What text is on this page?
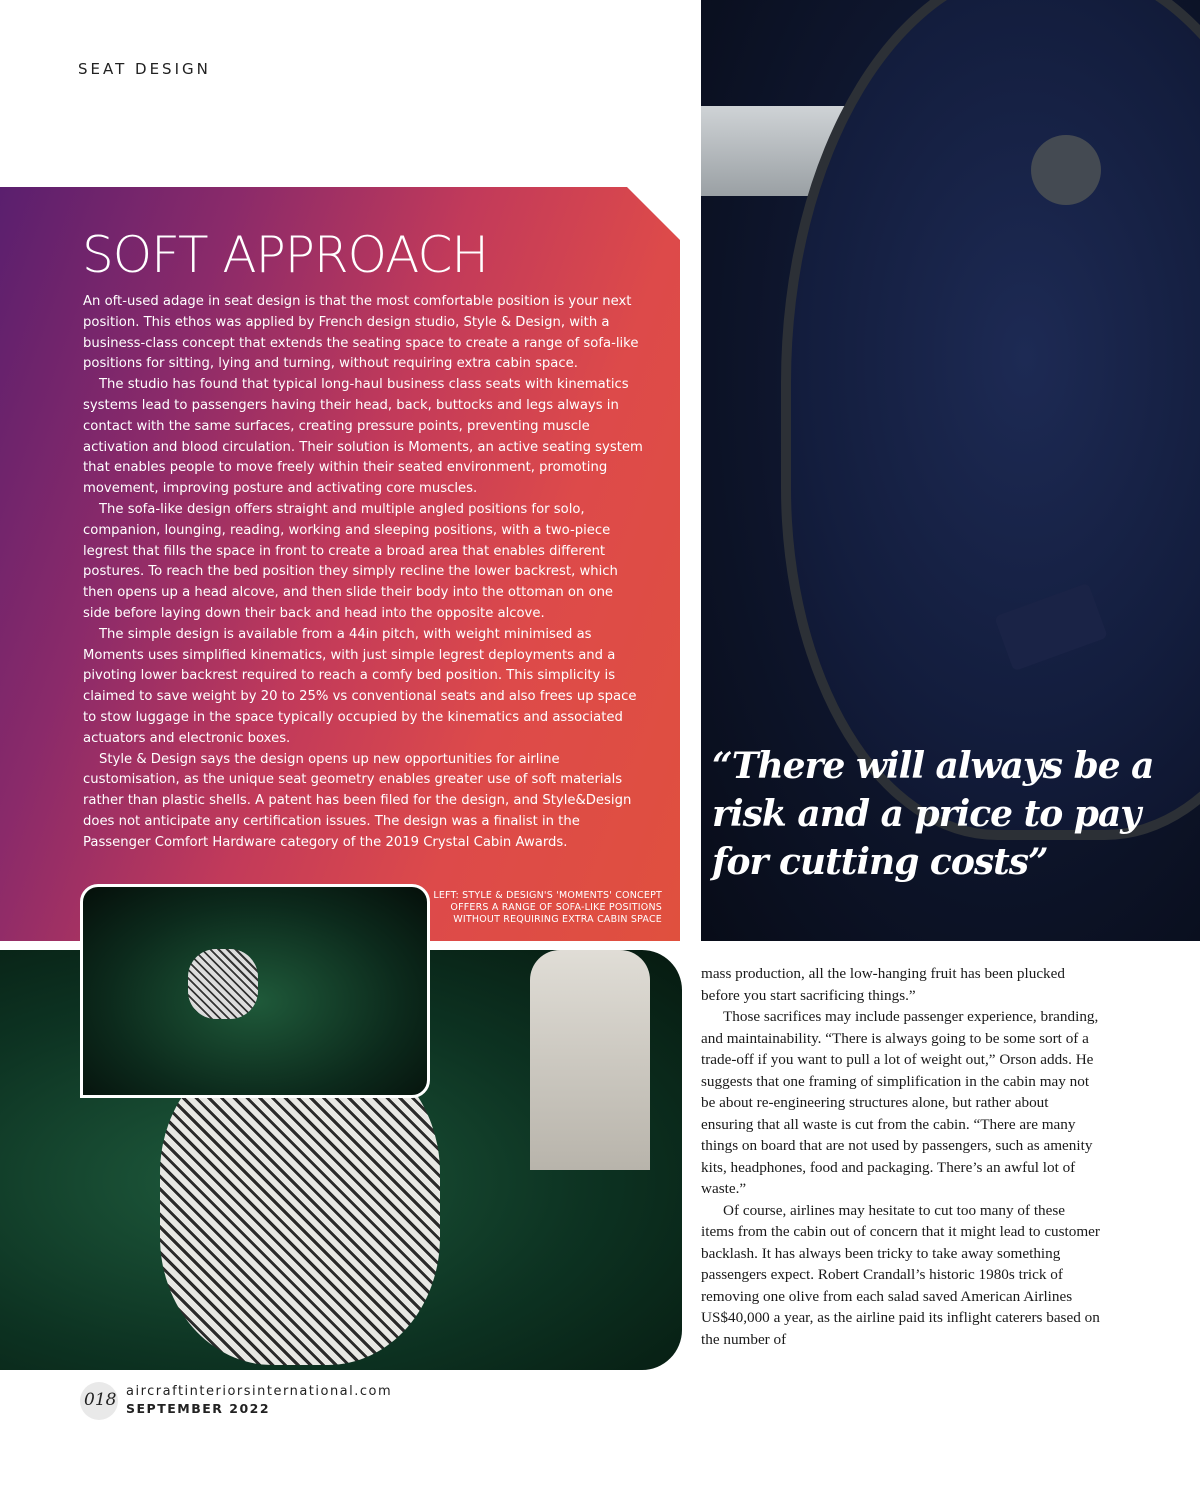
SEAT DESIGN

“There will always be a risk and a price to pay for cutting costs”

SOFT APPROACH

An oft-used adage in seat design is that the most comfortable position is your next position. This ethos was applied by French design studio, Style & Design, with a business-class concept that extends the seating space to create a range of sofa-like positions for sitting, lying and turning, without requiring extra cabin space.

The studio has found that typical long-haul business class seats with kinematics systems lead to passengers having their head, back, buttocks and legs always in contact with the same surfaces, creating pressure points, preventing muscle activation and blood circulation. Their solution is Moments, an active seating system that enables people to move freely within their seated environment, promoting movement, improving posture and activating core muscles.

The sofa-like design offers straight and multiple angled positions for solo, companion, lounging, reading, working and sleeping positions, with a two-piece legrest that fills the space in front to create a broad area that enables different postures. To reach the bed position they simply recline the lower backrest, which then opens up a head alcove, and then slide their body into the ottoman on one side before laying down their back and head into the opposite alcove.

The simple design is available from a 44in pitch, with weight minimised as Moments uses simplified kinematics, with just simple legrest deployments and a pivoting lower backrest required to reach a comfy bed position. This simplicity is claimed to save weight by 20 to 25% vs conventional seats and also frees up space to stow luggage in the space typically occupied by the kinematics and associated actuators and electronic boxes.

Style & Design says the design opens up new opportunities for airline customisation, as the unique seat geometry enables greater use of soft materials rather than plastic shells. A patent has been filed for the design, and Style&Design does not anticipate any certification issues. The design was a finalist in the Passenger Comfort Hardware category of the 2019 Crystal Cabin Awards.

LEFT: STYLE & DESIGN'S 'MOMENTS' CONCEPT OFFERS A RANGE OF SOFA-LIKE POSITIONS WITHOUT REQUIRING EXTRA CABIN SPACE

mass production, all the low-hanging fruit has been plucked before you start sacrificing things.”

Those sacrifices may include passenger experience, branding, and maintainability. “There is always going to be some sort of a trade-off if you want to pull a lot of weight out,” Orson adds. He suggests that one framing of simplification in the cabin may not be about re-engineering structures alone, but rather about ensuring that all waste is cut from the cabin. “There are many things on board that are not used by passengers, such as amenity kits, headphones, food and packaging. There’s an awful lot of waste.”

Of course, airlines may hesitate to cut too many of these items from the cabin out of concern that it might lead to customer backlash. It has always been tricky to take away something passengers expect. Robert Crandall’s historic 1980s trick of removing one olive from each salad saved American Airlines US$40,000 a year, as the airline paid its inflight caterers based on the number of

018 aircraftinteriorsinternational.com
SEPTEMBER 2022
